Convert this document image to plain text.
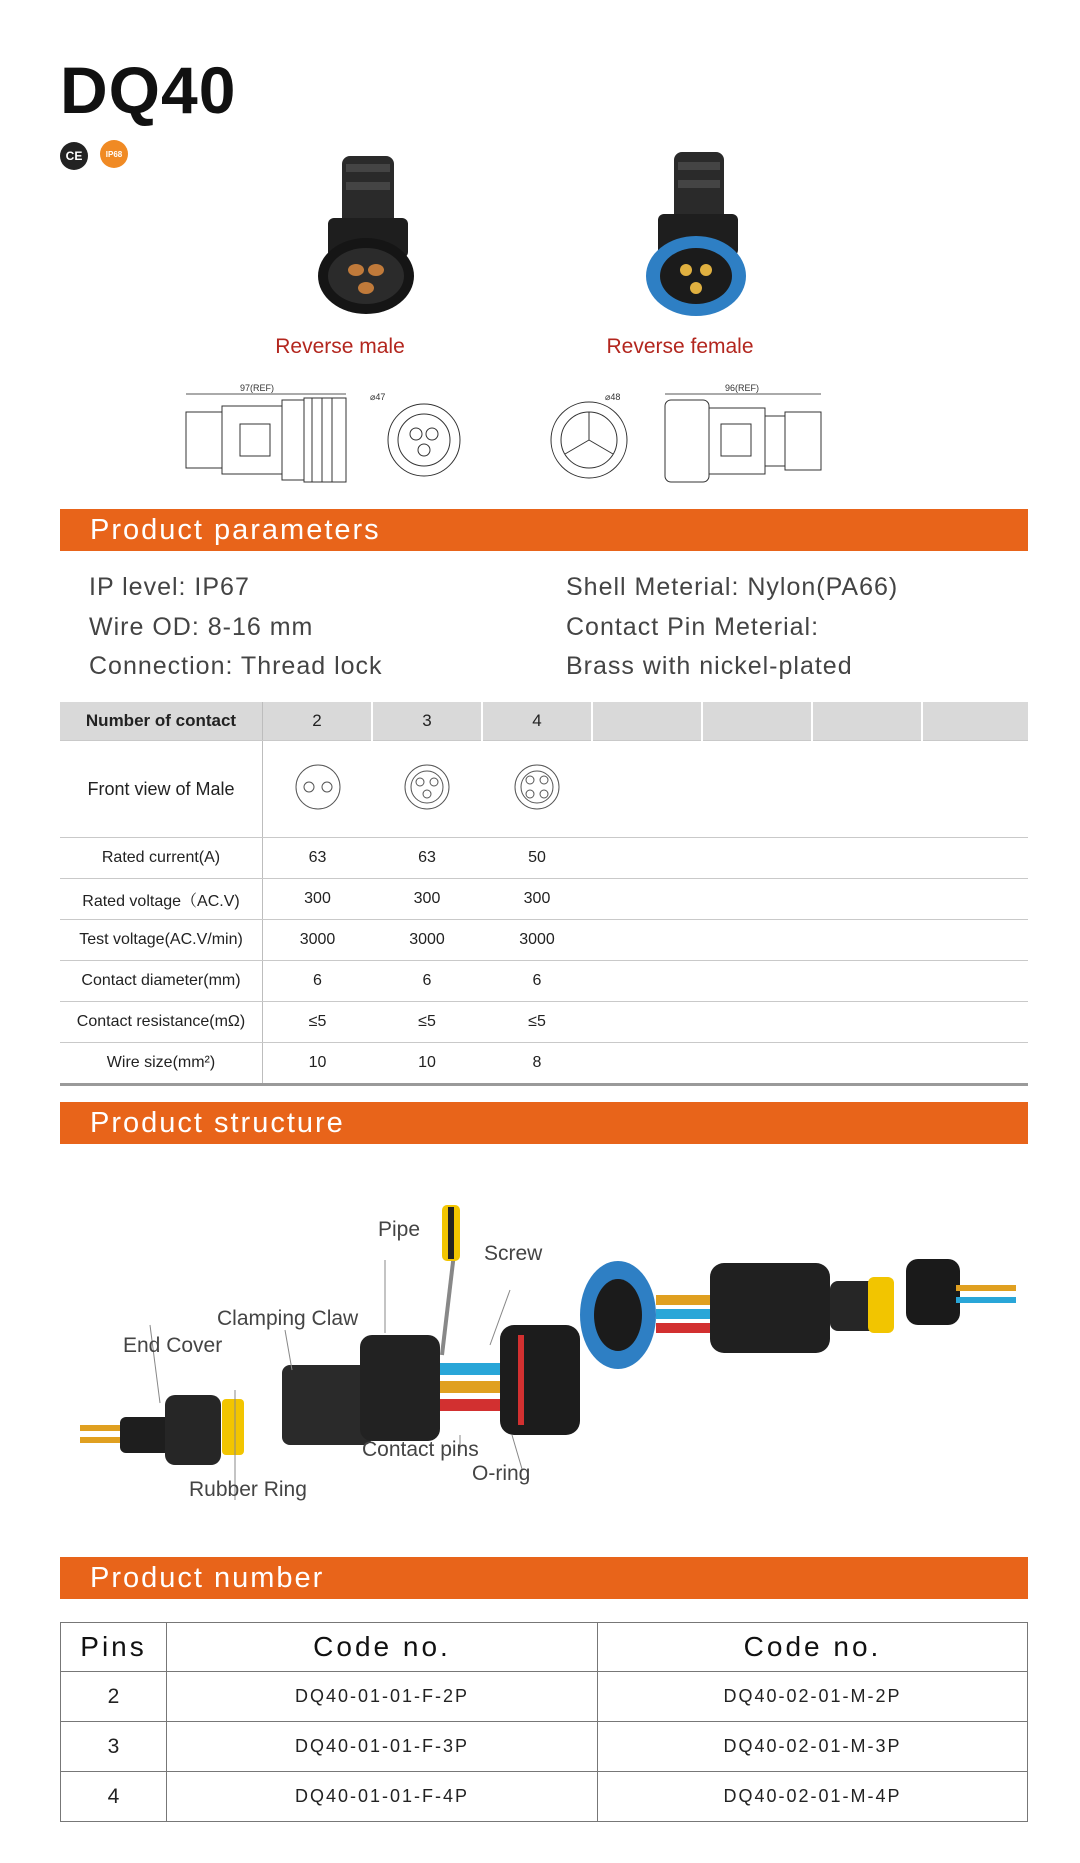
DQ40
CE	IP68
Reverse male	Reverse female
97(REF)
⌀47	⌀48
96(REF)
Product parameters
IP level: IP67
Wire OD: 8-16 mm
Connection: Thread lock
Shell Meterial: Nylon(PA66)
Contact Pin Meterial:
Brass with nickel-plated
Number of contact	2	3	4				
Front view of Male							
Rated current(A)	63	63	50				
Rated voltage（AC.V)	300	300	300				
Test voltage(AC.V/min)	3000	3000	3000				
Contact diameter(mm)	6	6	6				
Contact resistance(mΩ)	≤5	≤5	≤5				
Wire size(mm²)	10	10	8				
Product structure
Pipe
Screw
Clamping Claw
End Cover
Contact pins
O-ring
Rubber Ring
Product number
Pins	Code no.	Code no.
2	DQ40-01-01-F-2P	DQ40-02-01-M-2P
3	DQ40-01-01-F-3P	DQ40-02-01-M-3P
4	DQ40-01-01-F-4P	DQ40-02-01-M-4P
